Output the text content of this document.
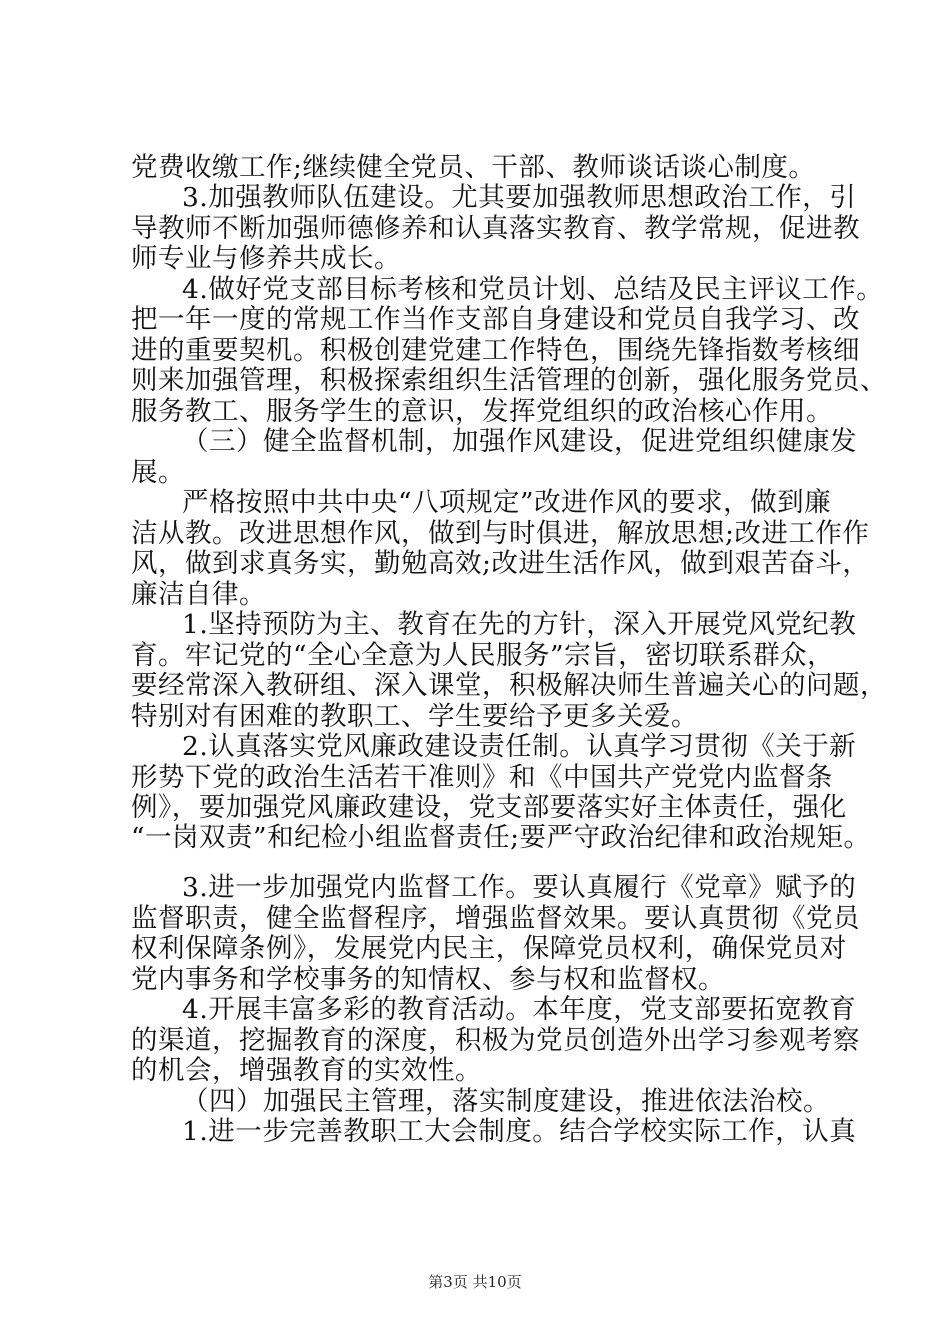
党费收缴工作;继续健全党员、干部、教师谈话谈心制度。
3.加强教师队伍建设。尤其要加强教师思想政治工作，引
导教师不断加强师德修养和认真落实教育、教学常规，促进教
师专业与修养共成长。
4.做好党支部目标考核和党员计划、总结及民主评议工作。
把一年一度的常规工作当作支部自身建设和党员自我学习、改
进的重要契机。积极创建党建工作特色，围绕先锋指数考核细
则来加强管理，积极探索组织生活管理的创新，强化服务党员、
服务教工、服务学生的意识，发挥党组织的政治核心作用。
（三）健全监督机制，加强作风建设，促进党组织健康发
展。
严格按照中共中央“八项规定”改进作风的要求，做到廉
洁从教。改进思想作风，做到与时俱进，解放思想;改进工作作
风，做到求真务实，勤勉高效;改进生活作风，做到艰苦奋斗，
廉洁自律。
1.坚持预防为主、教育在先的方针，深入开展党风党纪教
育。牢记党的“全心全意为人民服务”宗旨，密切联系群众，
要经常深入教研组、深入课堂，积极解决师生普遍关心的问题，
特别对有困难的教职工、学生要给予更多关爱。
2.认真落实党风廉政建设责任制。认真学习贯彻《关于新
形势下党的政治生活若干准则》和《中国共产党党内监督条
例》，要加强党风廉政建设，党支部要落实好主体责任，强化
“一岗双责”和纪检小组监督责任;要严守政治纪律和政治规矩。
3.进一步加强党内监督工作。要认真履行《党章》赋予的
监督职责，健全监督程序，增强监督效果。要认真贯彻《党员
权利保障条例》，发展党内民主，保障党员权利，确保党员对
党内事务和学校事务的知情权、参与权和监督权。
4.开展丰富多彩的教育活动。本年度，党支部要拓宽教育
的渠道，挖掘教育的深度，积极为党员创造外出学习参观考察
的机会，增强教育的实效性。
（四）加强民主管理，落实制度建设，推进依法治校。
1.进一步完善教职工大会制度。结合学校实际工作，认真
第3页 共10页
